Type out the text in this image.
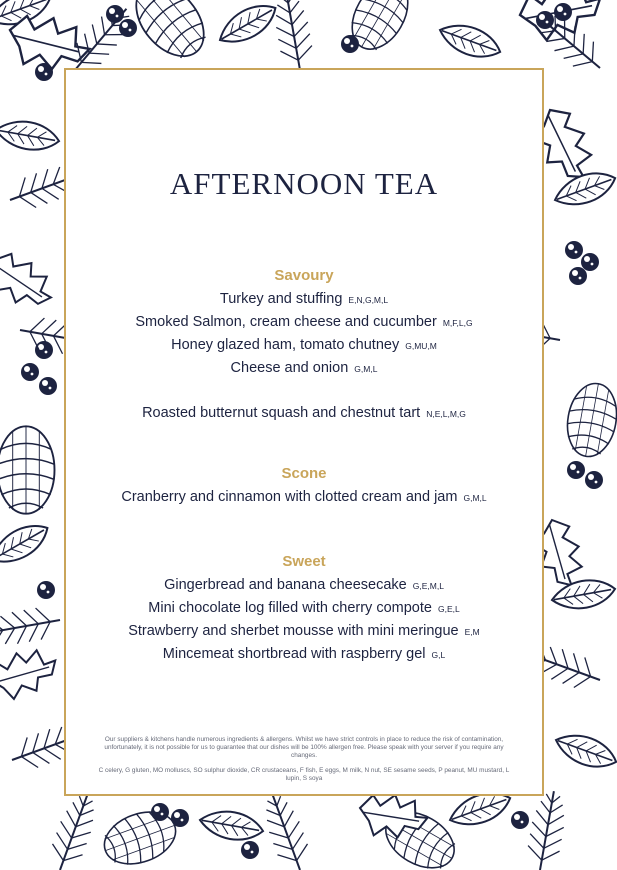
AFTERNOON TEA
Savoury
Turkey and stuffing E,N,G,M,L
Smoked Salmon, cream cheese and cucumber M,F,L,G
Honey glazed ham, tomato chutney G,MU,M
Cheese and onion G,M,L
Roasted butternut squash and chestnut tart N,E,L,M,G
Scone
Cranberry and cinnamon with clotted cream and jam G,M,L
Sweet
Gingerbread and banana cheesecake G,E,M,L
Mini chocolate log filled with cherry compote G,E,L
Strawberry and sherbet mousse with mini meringue E,M
Mincemeat shortbread with raspberry gel G,L

Our suppliers & kitchens handle numerous ingredients & allergens. Whilst we have strict controls in place to reduce the risk of contamination, unfortunately, it is not possible for us to guarantee that our dishes will be 100% allergen free. Please speak with your server if you require any changes.

C celery, G gluten, MO molluscs, SO sulphur dioxide, CR crustaceans, F fish, E eggs, M milk, N nut, SE sesame seeds, P peanut, MU mustard, L lupin, S soya
